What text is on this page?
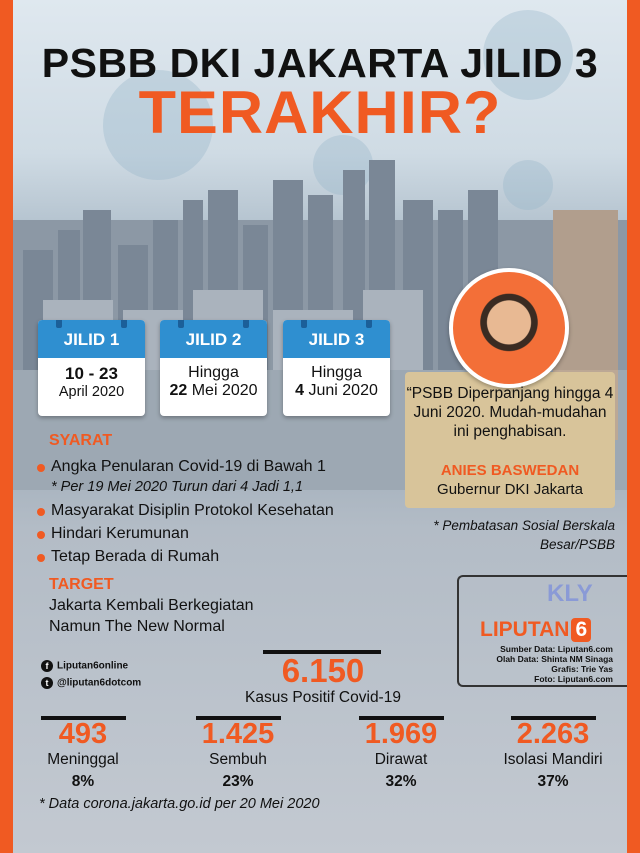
PSBB DKI JAKARTA JILID 3
TERAKHIR?
JILID 1
10 - 23
April 2020
JILID 2
Hingga
22 Mei 2020
JILID 3
Hingga
4 Juni 2020	“PSBB Diperpanjang hingga 4 Juni 2020. Mudah-mudahan ini penghabisan.
ANIES BASWEDAN
Gubernur DKI Jakarta
* Pembatasan Sosial Berskala Besar/PSBB
SYARAT
Angka Penularan Covid-19 di Bawah 1
* Per 19 Mei 2020 Turun dari 4 Jadi 1,1
Masyarakat Disiplin Protokol Kesehatan
Hindari Kerumunan
Tetap Berada di Rumah
TARGET
Jakarta Kembali Berkegiatan
Namun The New Normal
KLY
LIPUTAN 6
Sumber Data: Liputan6.com
Olah Data: Shinta NM Sinaga
Grafis: Trie Yas
Foto: Liputan6.com
f Liputan6online
t @liputan6dotcom	6.150
Kasus Positif Covid-19
493
Meninggal
8%
1.425
Sembuh
23%
1.969
Dirawat
32%
2.263
Isolasi Mandiri
37%
* Data corona.jakarta.go.id per 20 Mei 2020
